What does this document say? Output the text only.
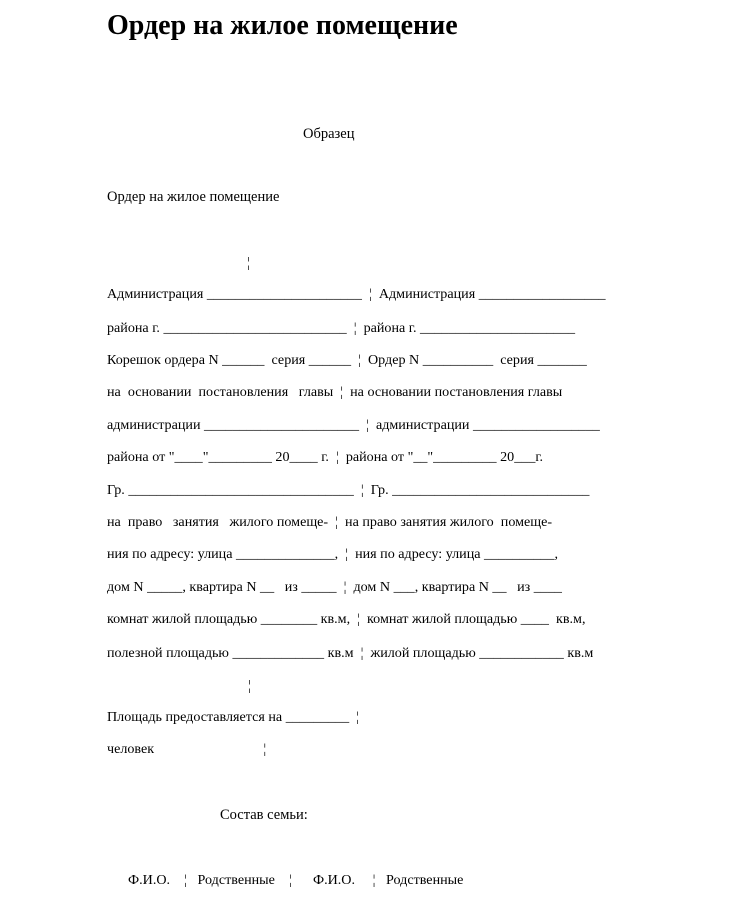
Ордер на жилое помещение
Образец
Ордер на жилое помещение
¦
Администрация ______________________  ¦  Администрация __________________
района г. __________________________  ¦  района г. ______________________
Корешок ордера N ______  серия ______  ¦  Ордер N __________  серия _______
на  основании  постановления   главы  ¦  на основании постановления главы
администрации ______________________  ¦  администрации __________________
района от "____"_________ 20____ г.  ¦  района от "__"_________ 20___г.
Гр. ________________________________  ¦  Гр. ____________________________
на  право   занятия   жилого помеще-  ¦  на право занятия жилого  помеще-
ния по адресу: улица ______________,  ¦  ния по адресу: улица __________,
дом N _____, квартира N __   из _____  ¦  дом N ___, квартира N __   из ____
комнат жилой площадью ________ кв.м,  ¦  комнат жилой площадью ____  кв.м,
полезной площадью _____________ кв.м  ¦  жилой площадью ____________ кв.м
¦
Площадь предоставляется на _________  ¦
человек                               ¦
Состав семьи:
Ф.И.О.    ¦   Родственные    ¦      Ф.И.О.     ¦   Родственные
